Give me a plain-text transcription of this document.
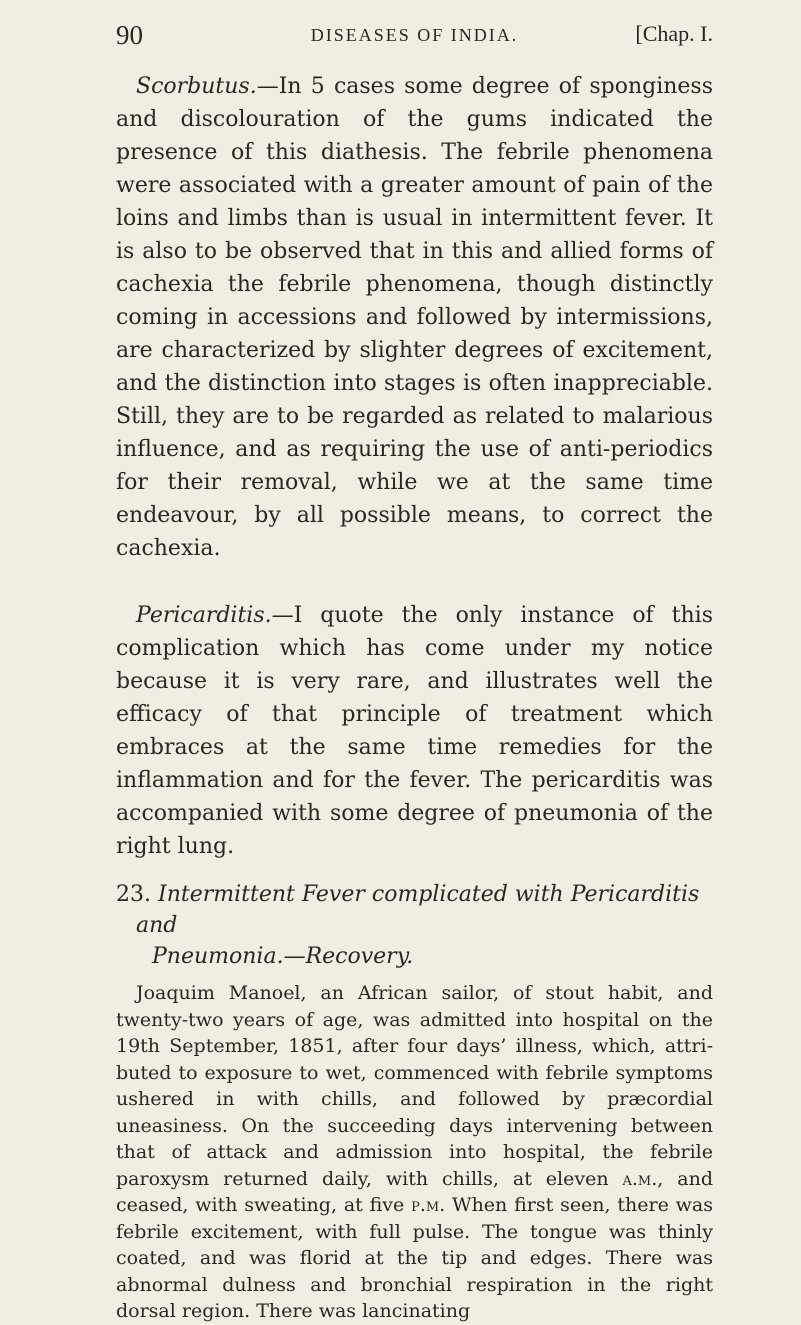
90	DISEASES OF INDIA.	[Chap. I.

Scorbutus.—In 5 cases some degree of sponginess and discolouration of the gums indicated the presence of this diathesis. The febrile phenomena were associated with a greater amount of pain of the loins and limbs than is usual in intermittent fever. It is also to be observed that in this and allied forms of cachexia the febrile phenomena, though distinctly coming in accessions and followed by intermissions, are characterized by slighter degrees of excitement, and the distinction into stages is often inappreciable. Still, they are to be regarded as related to malarious influence, and as requiring the use of anti-periodics for their removal, while we at the same time endeavour, by all possible means, to correct the cachexia.

Pericarditis.—I quote the only instance of this complication which has come under my notice because it is very rare, and illustrates well the efficacy of that principle of treatment which embraces at the same time remedies for the inflammation and for the fever. The pericarditis was accompanied with some degree of pneumonia of the right lung.

23. Intermittent Fever complicated with Pericarditis and
Pneumonia.—Recovery.

Joaquim Manoel, an African sailor, of stout habit, and twenty-two years of age, was admitted into hospital on the 19th September, 1851, after four days’ illness, which, attributed to exposure to wet, commenced with febrile symptoms ushered in with chills, and followed by præcordial uneasiness. On the succeeding days intervening between that of attack and admission into hospital, the febrile paroxysm returned daily, with chills, at eleven a.m., and ceased, with sweating, at five p.m. When first seen, there was febrile excitement, with full pulse. The tongue was thinly coated, and was florid at the tip and edges. There was abnormal dulness and bronchial respiration in the right dorsal region. There was lancinating
